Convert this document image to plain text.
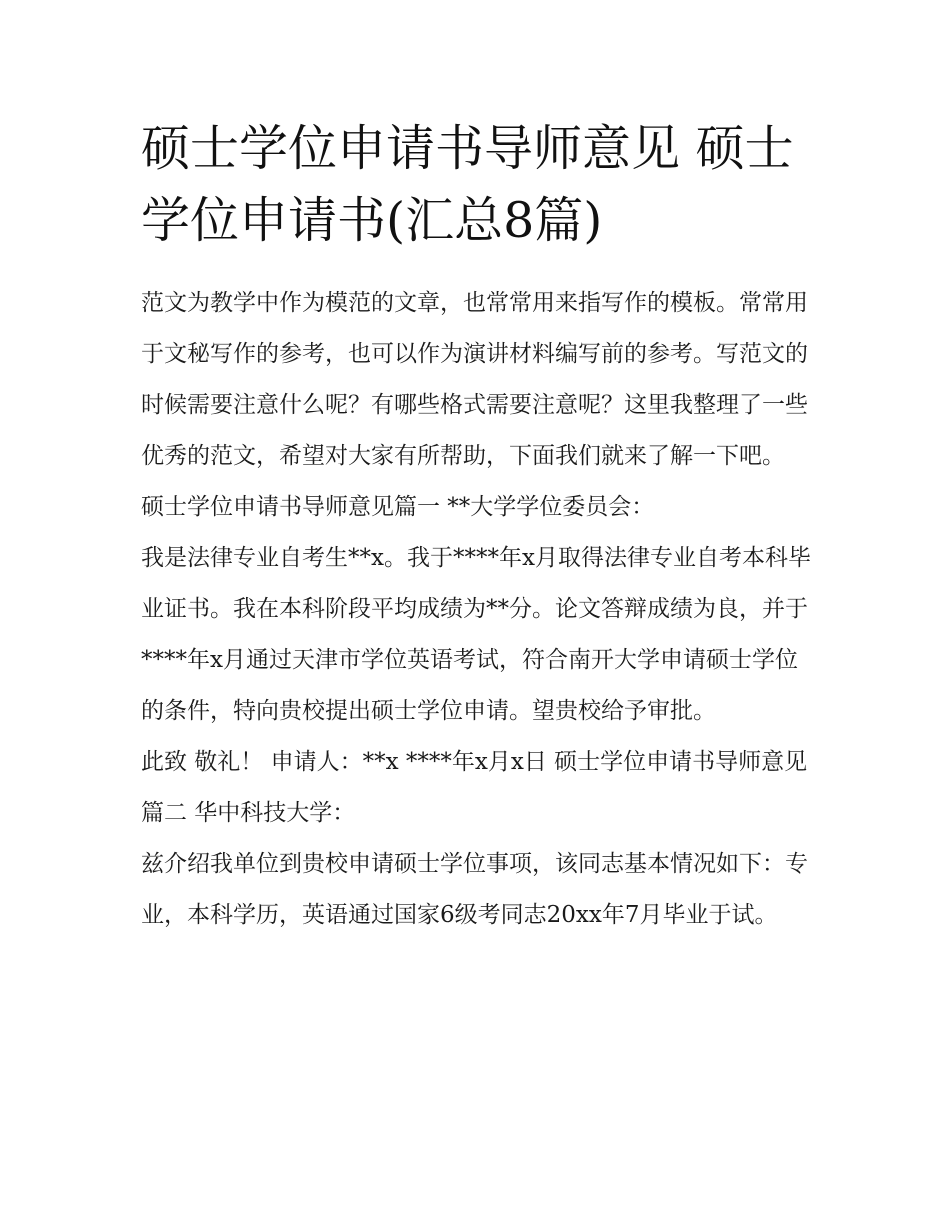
硕士学位申请书导师意见 硕士学位申请书(汇总8篇)

范文为教学中作为模范的文章，也常常用来指写作的模板。常常用于文秘写作的参考，也可以作为演讲材料编写前的参考。写范文的时候需要注意什么呢？有哪些格式需要注意呢？这里我整理了一些优秀的范文，希望对大家有所帮助，下面我们就来了解一下吧。

硕士学位申请书导师意见篇一 **大学学位委员会：

我是法律专业自考生**x。我于****年x月取得法律专业自考本科毕业证书。我在本科阶段平均成绩为**分。论文答辩成绩为良，并于****年x月通过天津市学位英语考试，符合南开大学申请硕士学位的条件，特向贵校提出硕士学位申请。望贵校给予审批。

此致 敬礼！ 申请人：**x ****年x月x日 硕士学位申请书导师意见篇二 华中科技大学：

兹介绍我单位到贵校申请硕士学位事项，该同志基本情况如下：专业，本科学历，英语通过国家6级考同志20xx年7月毕业于试。
